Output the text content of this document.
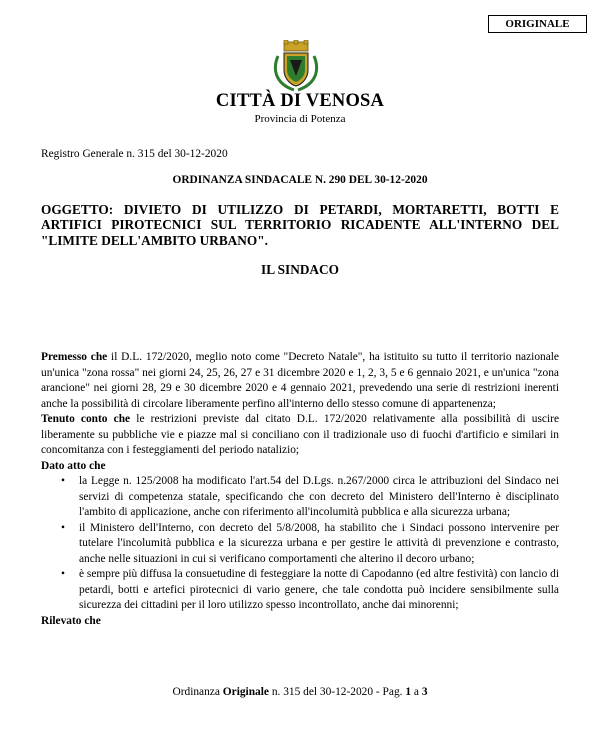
ORIGINALE
CITTÀ DI VENOSA
Provincia di Potenza
Registro Generale n. 315 del 30-12-2020
ORDINANZA SINDACALE N. 290 DEL 30-12-2020
OGGETTO: DIVIETO DI UTILIZZO DI PETARDI, MORTARETTI, BOTTI E ARTIFICI PIROTECNICI SUL TERRITORIO RICADENTE ALL'INTERNO DEL "LIMITE DELL'AMBITO URBANO".
IL SINDACO

Premesso che il D.L. 172/2020, meglio noto come "Decreto Natale", ha istituito su tutto il territorio nazionale un'unica "zona rossa" nei giorni 24, 25, 26, 27 e 31 dicembre 2020 e 1, 2, 3, 5 e 6 gennaio 2021, e un'unica "zona arancione" nei giorni 28, 29 e 30 dicembre 2020 e 4 gennaio 2021, prevedendo una serie di restrizioni inerenti anche la possibilità di circolare liberamente perfino all'interno dello stesso comune di appartenenza;

Tenuto conto che le restrizioni previste dal citato D.L. 172/2020 relativamente alla possibilità di uscire liberamente su pubbliche vie e piazze mal si conciliano con il tradizionale uso di fuochi d'artificio e similari in concomitanza con i festeggiamenti del periodo natalizio;

Dato atto che

• la Legge n. 125/2008 ha modificato l'art.54 del D.Lgs. n.267/2000 circa le attribuzioni del Sindaco nei servizi di competenza statale, specificando che con decreto del Ministero dell'Interno è disciplinato l'ambito di applicazione, anche con riferimento all'incolumità pubblica e alla sicurezza urbana;
• il Ministero dell'Interno, con decreto del 5/8/2008, ha stabilito che i Sindaci possono intervenire per tutelare l'incolumità pubblica e la sicurezza urbana e per gestire le attività di prevenzione e contrasto, anche nelle situazioni in cui si verificano comportamenti che alterino il decoro urbano;
• è sempre più diffusa la consuetudine di festeggiare la notte di Capodanno (ed altre festività) con lancio di petardi, botti e artefici pirotecnici di vario genere, che tale condotta può incidere sensibilmente sulla sicurezza dei cittadini per il loro utilizzo spesso incontrollato, anche dai minorenni;

Rilevato che

Ordinanza Originale n. 315 del 30-12-2020 - Pag. 1 a 3
